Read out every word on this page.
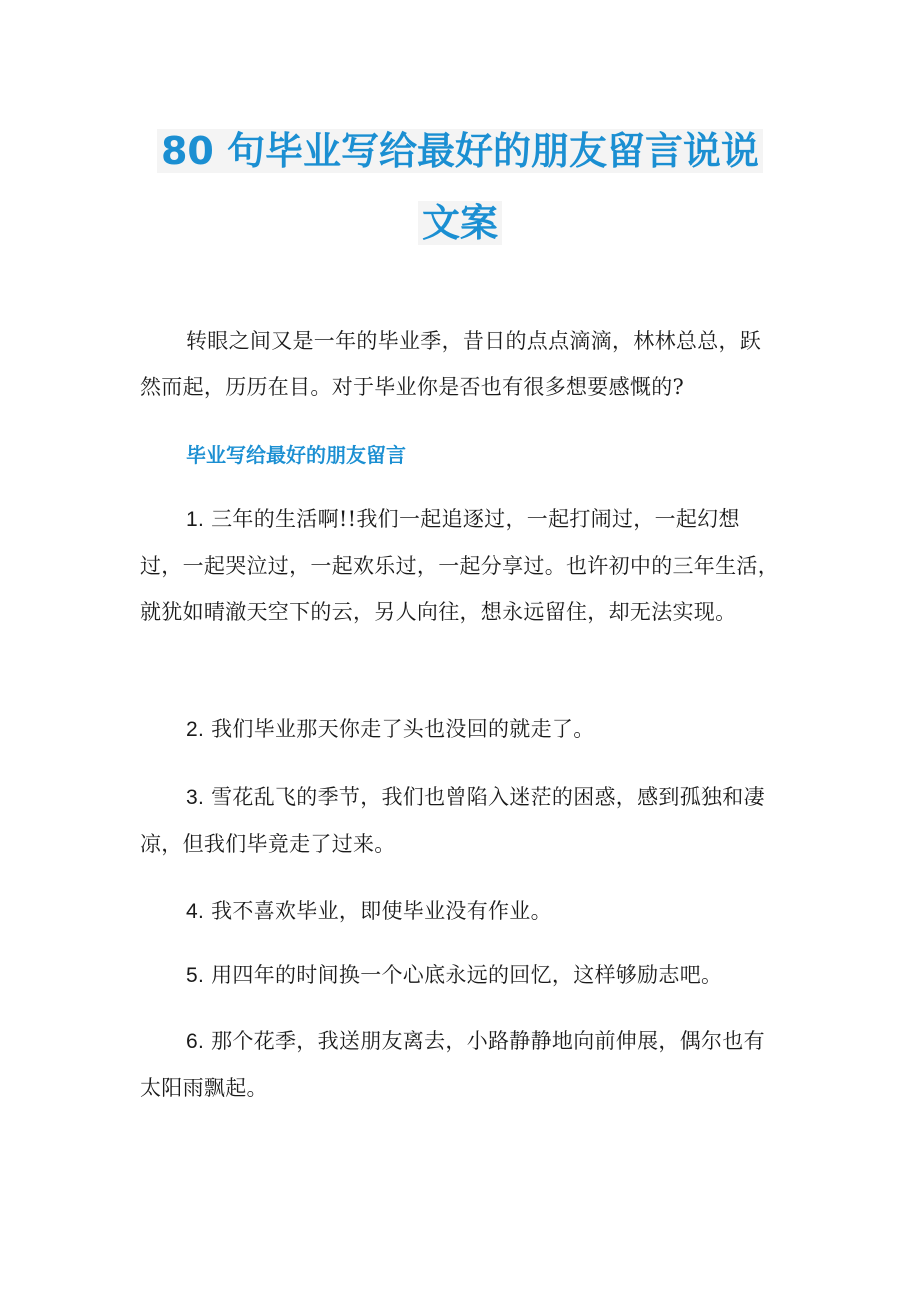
80 句毕业写给最好的朋友留言说说
文案

转眼之间又是一年的毕业季，昔日的点点滴滴，林林总总，跃然而起，历历在目。对于毕业你是否也有很多想要感慨的?

毕业写给最好的朋友留言

1. 三年的生活啊!!我们一起追逐过，一起打闹过，一起幻想过，一起哭泣过，一起欢乐过，一起分享过。也许初中的三年生活，就犹如晴澈天空下的云，另人向往，想永远留住，却无法实现。

2. 我们毕业那天你走了头也没回的就走了。

3. 雪花乱飞的季节，我们也曾陷入迷茫的困惑，感到孤独和凄凉，但我们毕竟走了过来。

4. 我不喜欢毕业，即使毕业没有作业。

5. 用四年的时间换一个心底永远的回忆，这样够励志吧。

6. 那个花季，我送朋友离去，小路静静地向前伸展，偶尔也有太阳雨飘起。
